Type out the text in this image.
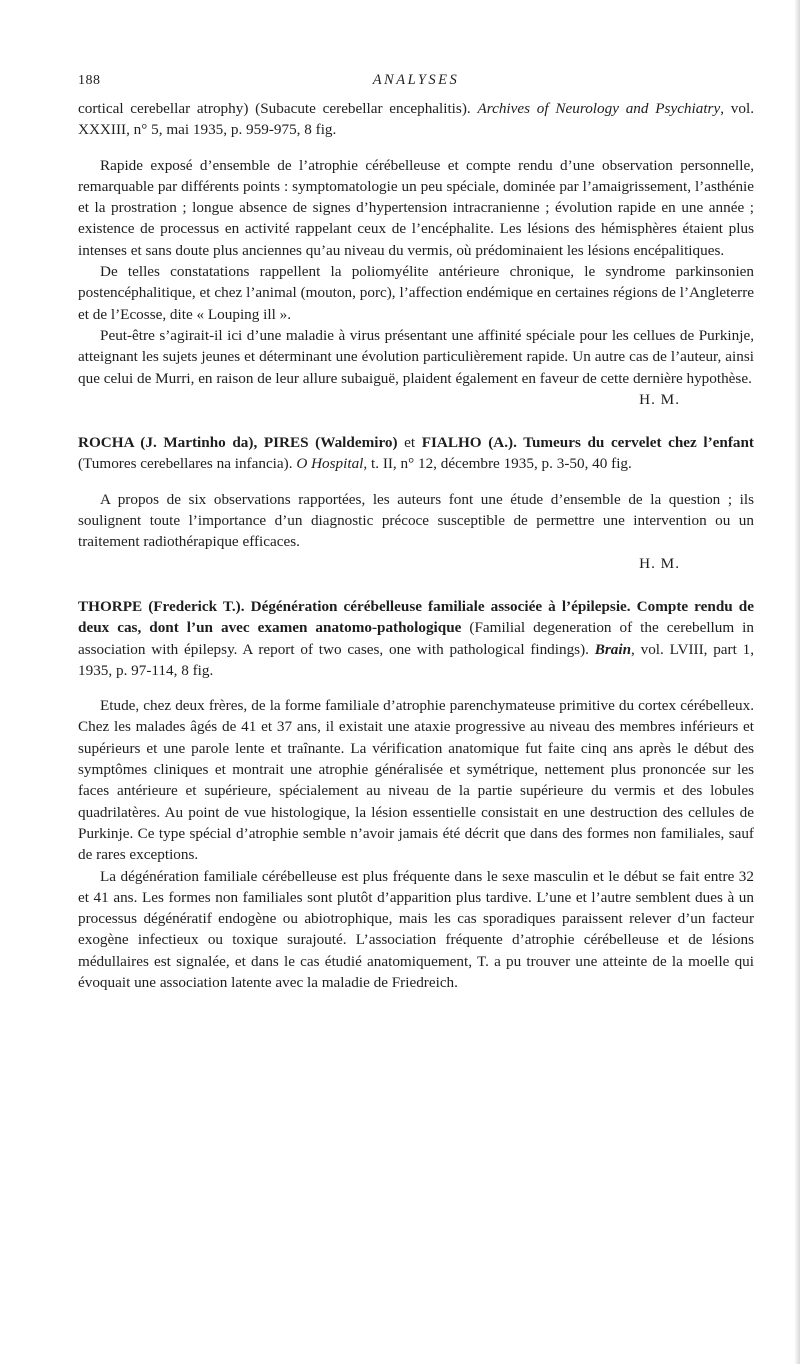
188	ANALYSES

cortical cerebellar atrophy) (Subacute cerebellar encephalitis). Archives of Neurology and Psychiatry, vol. XXXIII, n° 5, mai 1935, p. 959-975, 8 fig.

Rapide exposé d’ensemble de l’atrophie cérébelleuse et compte rendu d’une observation personnelle, remarquable par différents points : symptomatologie un peu spéciale, dominée par l’amaigrissement, l’asthénie et la prostration ; longue absence de signes d’hypertension intracranienne ; évolution rapide en une année ; existence de processus en activité rappelant ceux de l’encéphalite. Les lésions des hémisphères étaient plus intenses et sans doute plus anciennes qu’au niveau du vermis, où prédominaient les lésions encépalitiques.

De telles constatations rappellent la poliomyélite antérieure chronique, le syndrome parkinsonien postencéphalitique, et chez l’animal (mouton, porc), l’affection endémique en certaines régions de l’Angleterre et de l’Ecosse, dite « Louping ill ».

Peut-être s’agirait-il ici d’une maladie à virus présentant une affinité spéciale pour les cellues de Purkinje, atteignant les sujets jeunes et déterminant une évolution particulièrement rapide. Un autre cas de l’auteur, ainsi que celui de Murri, en raison de leur allure subaiguë, plaident également en faveur de cette dernière hypothèse.

H. M.

ROCHA (J. Martinho da), PIRES (Waldemiro) et FIALHO (A.). Tumeurs du cervelet chez l’enfant (Tumores cerebellares na infancia). O Hospital, t. II, n° 12, décembre 1935, p. 3-50, 40 fig.

A propos de six observations rapportées, les auteurs font une étude d’ensemble de la question ; ils soulignent toute l’importance d’un diagnostic précoce susceptible de permettre une intervention ou un traitement radiothérapique efficaces.

H. M.

THORPE (Frederick T.). Dégénération cérébelleuse familiale associée à l’épilepsie. Compte rendu de deux cas, dont l’un avec examen anatomo-pathologique (Familial degeneration of the cerebellum in association with épilepsy. A report of two cases, one with pathological findings). Brain, vol. LVIII, part 1, 1935, p. 97-114, 8 fig.

Etude, chez deux frères, de la forme familiale d’atrophie parenchymateuse primitive du cortex cérébelleux. Chez les malades âgés de 41 et 37 ans, il existait une ataxie progressive au niveau des membres inférieurs et supérieurs et une parole lente et traînante. La vérification anatomique fut faite cinq ans après le début des symptômes cliniques et montrait une atrophie généralisée et symétrique, nettement plus prononcée sur les faces antérieure et supérieure, spécialement au niveau de la partie supérieure du vermis et des lobules quadrilatères. Au point de vue histologique, la lésion essentielle consistait en une destruction des cellules de Purkinje. Ce type spécial d’atrophie semble n’avoir jamais été décrit que dans des formes non familiales, sauf de rares exceptions.

La dégénération familiale cérébelleuse est plus fréquente dans le sexe masculin et le début se fait entre 32 et 41 ans. Les formes non familiales sont plutôt d’apparition plus tardive. L’une et l’autre semblent dues à un processus dégénératif endogène ou abiotrophique, mais les cas sporadiques paraissent relever d’un facteur exogène infectieux ou toxique surajouté. L’association fréquente d’atrophie cérébelleuse et de lésions médullaires est signalée, et dans le cas étudié anatomiquement, T. a pu trouver une atteinte de la moelle qui évoquait une association latente avec la maladie de Friedreich.
